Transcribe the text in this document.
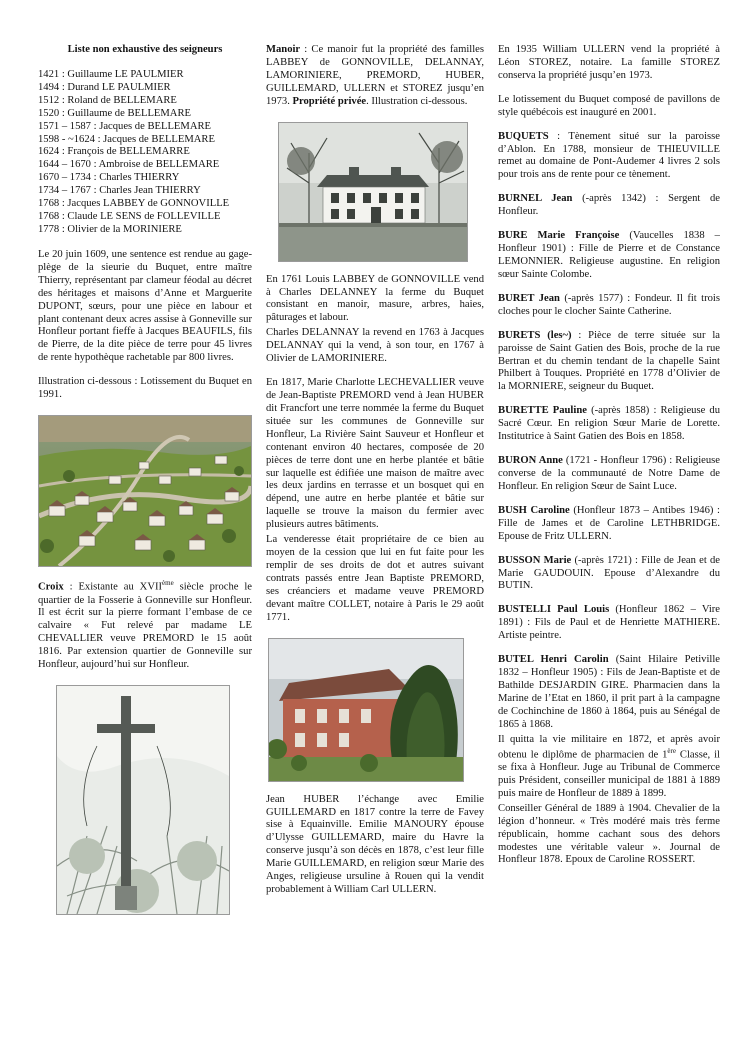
Liste non exhaustive des seigneurs
1421 : Guillaume LE PAULMIER
1494 : Durand LE PAULMIER
1512 : Roland de BELLEMARE
1520 : Guillaume de BELLEMARE
1571 – 1587 : Jacques de BELLEMARE
1598 - ~1624 : Jacques de BELLEMARE
1624 : François de BELLEMARRE
1644 – 1670 : Ambroise de BELLEMARE
1670 – 1734 : Charles THIERRY
1734 – 1767 : Charles Jean THIERRY
1768 : Jacques LABBEY de GONNOVILLE
1768 : Claude LE SENS de FOLLEVILLE
1778 : Olivier de la MORINIERE

Le 20 juin 1609, une sentence est rendue au gage-plège de la sieurie du Buquet, entre maître Thierry, représentant par clameur féodal au décret des héritages et maisons d’Anne et Marguerite DUPONT, sœurs, pour une pièce en labour et plant contenant deux acres assise à Gonneville sur Honfleur portant fieffe à Jacques BEAUFILS, fils de Pierre, de la dite pièce de terre pour 45 livres de rente hypothèque rachetable par 800 livres.

Illustration ci-dessous : Lotissement du Buquet en 1991.

Croix : Existante au XVIIème siècle proche le quartier de la Fosserie à Gonneville sur Honfleur. Il est écrit sur la pierre formant l’embase de ce calvaire « Fut relevé par madame LE CHEVALLIER veuve PREMORD le 15 août 1816. Par extension quartier de Gonneville sur Honfleur, aujourd’hui sur Honfleur.

Manoir : Ce manoir fut la propriété des familles LABBEY de GONNOVILLE, DELANNAY, LAMORINIERE, PREMORD, HUBER, GUILLEMARD, ULLERN et STOREZ jusqu’en 1973. Propriété privée. Illustration ci-dessous.

En 1761 Louis LABBEY de GONNOVILLE vend à Charles DELANNEY la ferme du Buquet consistant en manoir, masure, arbres, haies, pâturages et labour.

Charles DELANNAY la revend en 1763 à Jacques DELANNAY qui la vend, à son tour, en 1767 à Olivier de LAMORINIERE.

En 1817, Marie Charlotte LECHEVALLIER veuve de Jean-Baptiste PREMORD vend à Jean HUBER dit Francfort une terre nommée la ferme du Buquet située sur les communes de Gonneville sur Honfleur, La Rivière Saint Sauveur et Honfleur et contenant environ 40 hectares, composée de 20 pièces de terre dont une en herbe plantée et bâtie sur laquelle est édifiée une maison de maître avec les deux jardins en terrasse et un bosquet qui en dépend, une autre en herbe plantée et bâtie sur laquelle se trouve la maison du fermier avec plusieurs autres bâtiments.

La venderesse était propriétaire de ce bien au moyen de la cession que lui en fut faite pour les remplir de ses droits de dot et autres suivant contrats passés entre Jean Baptiste PREMORD, ses créanciers et madame veuve PREMORD devant maître COLLET, notaire à Paris le 29 août 1771.

Jean HUBER l’échange avec Emilie GUILLEMARD en 1817 contre la terre de Favey sise à Equainville. Emilie MANOURY épouse d’Ulysse GUILLEMARD, maire du Havre la conserve jusqu’à son décès en 1878, c’est leur fille Marie GUILLEMARD, en religion sœur Marie des Anges, religieuse ursuline à Rouen qui la vendit probablement à William Carl ULLERN.

En 1935 William ULLERN vend la propriété à Léon STOREZ, notaire. La famille STOREZ conserva la propriété jusqu’en 1973.

Le lotissement du Buquet composé de pavillons de style québécois est inauguré en 2001.

BUQUETS : Tènement situé sur la paroisse d’Ablon. En 1788, monsieur de THIEUVILLE remet au domaine de Pont-Audemer 4 livres 2 sols pour trois ans de rente pour ce tènement.

BURNEL Jean (-après 1342) : Sergent de Honfleur.

BURE Marie Françoise (Vaucelles 1838 – Honfleur 1901) : Fille de Pierre et de Constance LEMONNIER. Religieuse augustine. En religion sœur Sainte Colombe.

BURET Jean (-après 1577) : Fondeur. Il fit trois cloches pour le clocher Sainte Catherine.

BURETS (les~) : Pièce de terre située sur la paroisse de Saint Gatien des Bois, proche de la rue Bertran et du chemin tendant de la chapelle Saint Philbert à Touques. Propriété en 1778 d’Olivier de la MORNIERE, seigneur du Buquet.

BURETTE Pauline (-après 1858) : Religieuse du Sacré Cœur. En religion Sœur Marie de Lorette. Institutrice à Saint Gatien des Bois en 1858.

BURON Anne (1721 - Honfleur 1796) : Religieuse converse de la communauté de Notre Dame de Honfleur. En religion Sœur de Saint Luce.

BUSH Caroline (Honfleur 1873 – Antibes 1946) : Fille de James et de Caroline LETHBRIDGE. Epouse de Fritz ULLERN.

BUSSON Marie (-après 1721) : Fille de Jean et de Marie GAUDOUIN. Epouse d’Alexandre du BUTIN.

BUSTELLI Paul Louis (Honfleur 1862 – Vire 1891) : Fils de Paul et de Henriette MATHIERE. Artiste peintre.

BUTEL Henri Carolin (Saint Hilaire Petiville 1832 – Honfleur 1905) : Fils de Jean-Baptiste et de Bathilde DESJARDIN GIRE. Pharmacien dans la Marine de l’Etat en 1860, il prit part à la campagne de Cochinchine de 1860 à 1864, puis au Sénégal de 1865 à 1868.

Il quitta la vie militaire en 1872, et après avoir obtenu le diplôme de pharmacien de 1ère Classe, il se fixa à Honfleur. Juge au Tribunal de Commerce puis Président, conseiller municipal de 1881 à 1889 puis maire de Honfleur de 1889 à 1899.

Conseiller Général de 1889 à 1904. Chevalier de la légion d’honneur. « Très modéré mais très ferme républicain, homme cachant sous des dehors modestes une véritable valeur ». Journal de Honfleur 1878. Epoux de Caroline ROSSERT.
